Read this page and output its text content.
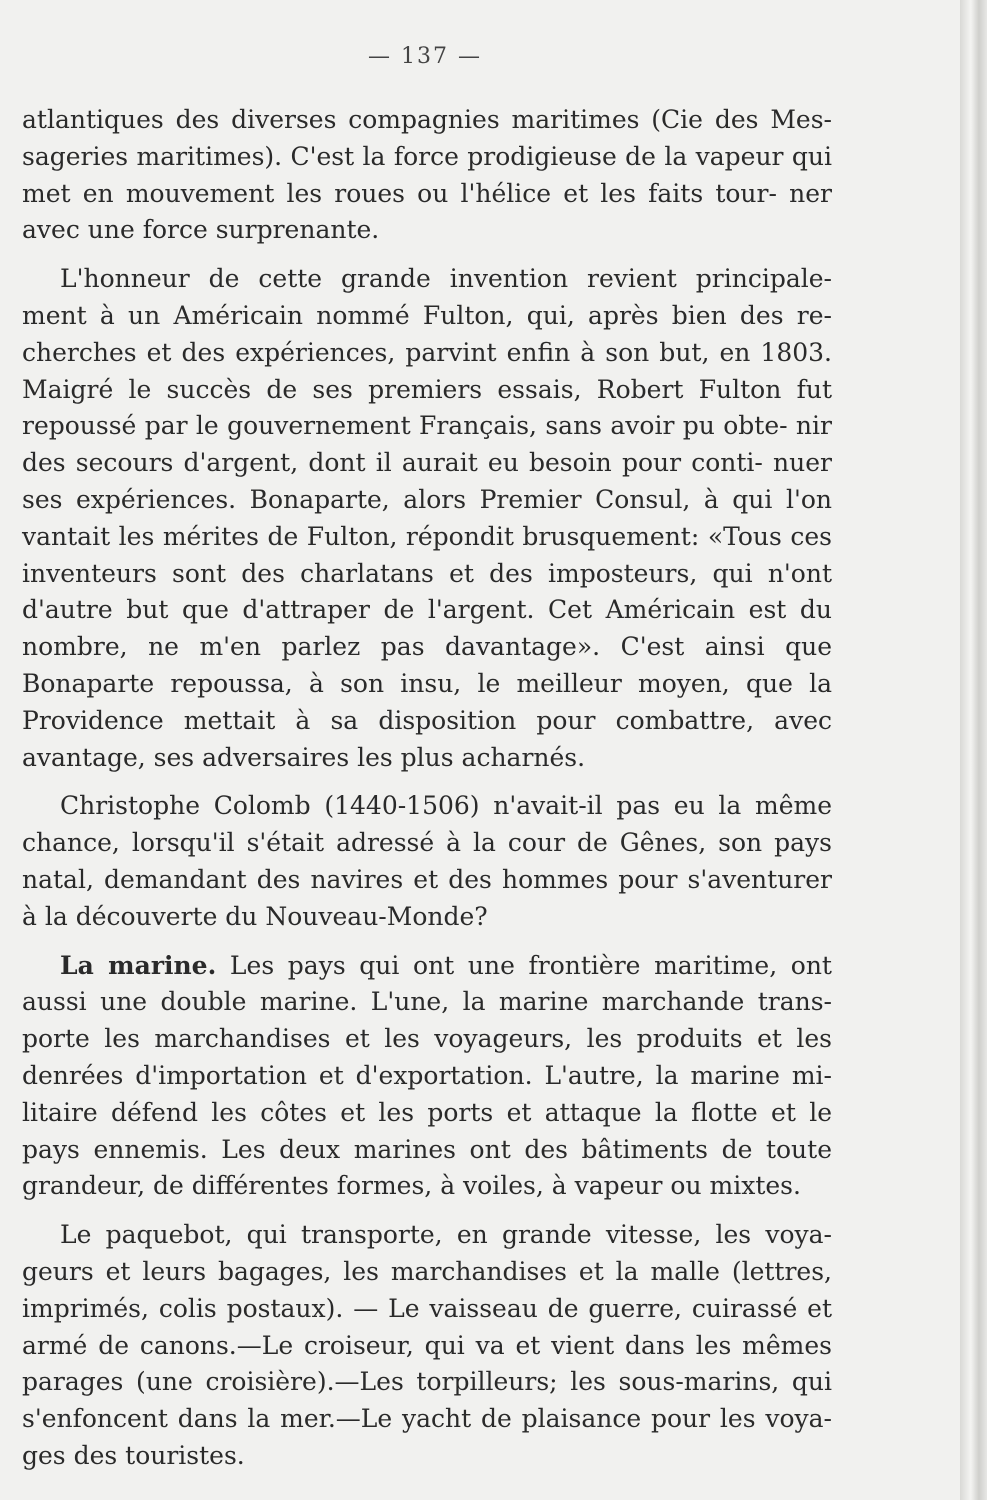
— 137 —

atlantiques des diverses compagnies maritimes (Cie des Mes- sageries maritimes). C'est la force prodigieuse de la vapeur qui met en mouvement les roues ou l'hélice et les faits tour- ner avec une force surprenante.

L'honneur de cette grande invention revient principale- ment à un Américain nommé Fulton, qui, après bien des re- cherches et des expériences, parvint enfin à son but, en 1803. Maigré le succès de ses premiers essais, Robert Fulton fut repoussé par le gouvernement Français, sans avoir pu obte- nir des secours d'argent, dont il aurait eu besoin pour conti- nuer ses expériences. Bonaparte, alors Premier Consul, à qui l'on vantait les mérites de Fulton, répondit brusquement: «Tous ces inventeurs sont des charlatans et des imposteurs, qui n'ont d'autre but que d'attraper de l'argent. Cet Américain est du nombre, ne m'en parlez pas davantage». C'est ainsi que Bonaparte repoussa, à son insu, le meilleur moyen, que la Providence mettait à sa disposition pour combattre, avec avantage, ses adversaires les plus acharnés.

Christophe Colomb (1440-1506) n'avait-il pas eu la même chance, lorsqu'il s'était adressé à la cour de Gênes, son pays natal, demandant des navires et des hommes pour s'aventurer à la découverte du Nouveau-Monde?

La marine. Les pays qui ont une frontière maritime, ont aussi une double marine. L'une, la marine marchande trans- porte les marchandises et les voyageurs, les produits et les denrées d'importation et d'exportation. L'autre, la marine mi- litaire défend les côtes et les ports et attaque la flotte et le pays ennemis. Les deux marines ont des bâtiments de toute grandeur, de différentes formes, à voiles, à vapeur ou mixtes.

Le paquebot, qui transporte, en grande vitesse, les voya- geurs et leurs bagages, les marchandises et la malle (lettres, imprimés, colis postaux). — Le vaisseau de guerre, cuirassé et armé de canons.—Le croiseur, qui va et vient dans les mêmes parages (une croisière).—Les torpilleurs; les sous-marins, qui s'enfoncent dans la mer.—Le yacht de plaisance pour les voya- ges des touristes.
